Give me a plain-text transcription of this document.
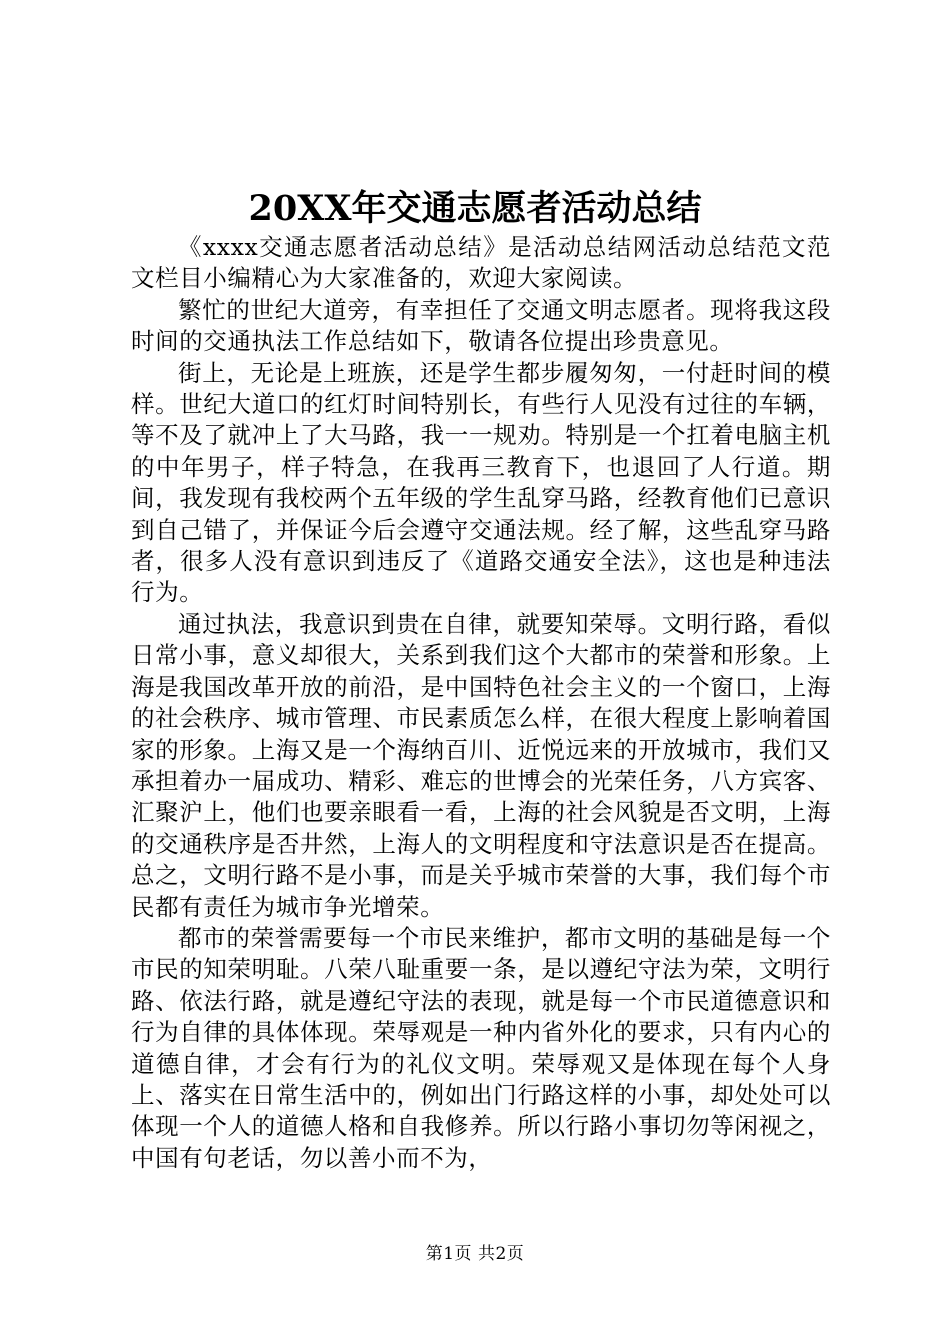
20XX年交通志愿者活动总结

《xxxx交通志愿者活动总结》是活动总结网活动总结范文范文栏目小编精心为大家准备的，欢迎大家阅读。

繁忙的世纪大道旁，有幸担任了交通文明志愿者。现将我这段时间的交通执法工作总结如下，敬请各位提出珍贵意见。

街上，无论是上班族，还是学生都步履匆匆，一付赶时间的模样。世纪大道口的红灯时间特别长，有些行人见没有过往的车辆，等不及了就冲上了大马路，我一一规劝。特别是一个扛着电脑主机的中年男子，样子特急，在我再三教育下，也退回了人行道。期间，我发现有我校两个五年级的学生乱穿马路，经教育他们已意识到自己错了，并保证今后会遵守交通法规。经了解，这些乱穿马路者，很多人没有意识到违反了《道路交通安全法》，这也是种违法行为。

通过执法，我意识到贵在自律，就要知荣辱。文明行路，看似日常小事，意义却很大，关系到我们这个大都市的荣誉和形象。上海是我国改革开放的前沿，是中国特色社会主义的一个窗口，上海的社会秩序、城市管理、市民素质怎么样，在很大程度上影响着国家的形象。上海又是一个海纳百川、近悦远来的开放城市，我们又承担着办一届成功、精彩、难忘的世博会的光荣任务，八方宾客、汇聚沪上，他们也要亲眼看一看，上海的社会风貌是否文明，上海的交通秩序是否井然，上海人的文明程度和守法意识是否在提高。总之，文明行路不是小事，而是关乎城市荣誉的大事，我们每个市民都有责任为城市争光增荣。

都市的荣誉需要每一个市民来维护，都市文明的基础是每一个市民的知荣明耻。八荣八耻重要一条，是以遵纪守法为荣，文明行路、依法行路，就是遵纪守法的表现，就是每一个市民道德意识和行为自律的具体体现。荣辱观是一种内省外化的要求，只有内心的道德自律，才会有行为的礼仪文明。荣辱观又是体现在每个人身上、落实在日常生活中的，例如出门行路这样的小事，却处处可以体现一个人的道德人格和自我修养。所以行路小事切勿等闲视之，中国有句老话，勿以善小而不为，

第1页 共2页
